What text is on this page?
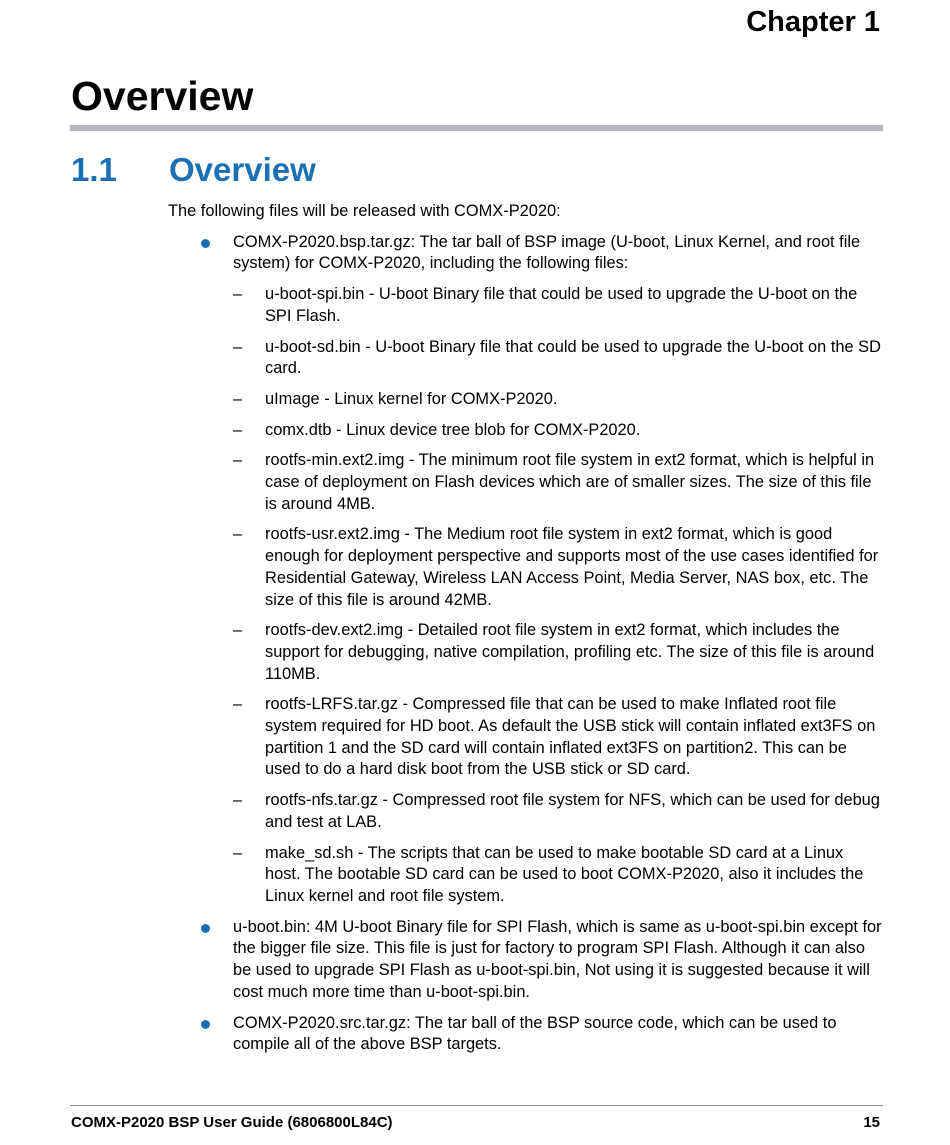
Chapter 1
Overview
1.1 Overview

The following files will be released with COMX-P2020:

COMX-P2020.bsp.tar.gz: The tar ball of BSP image (U-boot, Linux Kernel, and root file system) for COMX-P2020, including the following files:
– u-boot-spi.bin - U-boot Binary file that could be used to upgrade the U-boot on the SPI Flash.
– u-boot-sd.bin - U-boot Binary file that could be used to upgrade the U-boot on the SD card.
– uImage - Linux kernel for COMX-P2020.
– comx.dtb - Linux device tree blob for COMX-P2020.
– rootfs-min.ext2.img - The minimum root file system in ext2 format, which is helpful in case of deployment on Flash devices which are of smaller sizes. The size of this file is around 4MB.
– rootfs-usr.ext2.img - The Medium root file system in ext2 format, which is good enough for deployment perspective and supports most of the use cases identified for Residential Gateway, Wireless LAN Access Point, Media Server, NAS box, etc. The size of this file is around 42MB.
– rootfs-dev.ext2.img - Detailed root file system in ext2 format, which includes the support for debugging, native compilation, profiling etc. The size of this file is around 110MB.
– rootfs-LRFS.tar.gz - Compressed file that can be used to make Inflated root file system required for HD boot. As default the USB stick will contain inflated ext3FS on partition 1 and the SD card will contain inflated ext3FS on partition2. This can be used to do a hard disk boot from the USB stick or SD card.
– rootfs-nfs.tar.gz - Compressed root file system for NFS, which can be used for debug and test at LAB.
– make_sd.sh - The scripts that can be used to make bootable SD card at a Linux host. The bootable SD card can be used to boot COMX-P2020, also it includes the Linux kernel and root file system.
u-boot.bin: 4M U-boot Binary file for SPI Flash, which is same as u-boot-spi.bin except for the bigger file size. This file is just for factory to program SPI Flash. Although it can also be used to upgrade SPI Flash as u-boot-spi.bin, Not using it is suggested because it will cost much more time than u-boot-spi.bin.
COMX-P2020.src.tar.gz: The tar ball of the BSP source code, which can be used to compile all of the above BSP targets.
COMX-P2020 BSP User Guide (6806800L84C)	15
